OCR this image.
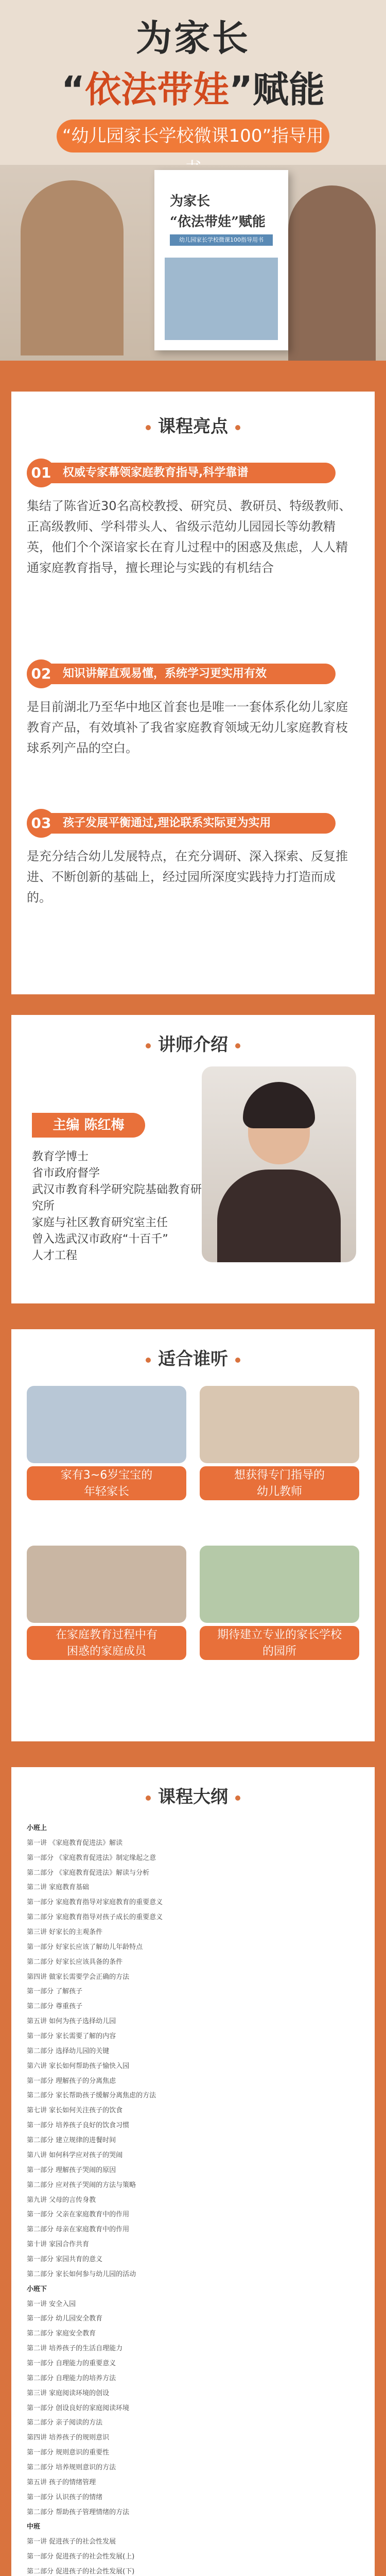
为家长
“依法带娃”赋能
“幼儿园家长学校微课100”指导用
为家长
“依法带娃”赋能
幼儿园家长学校微课100指导用书
课程亮点
权威专家幕领家庭教育指导,科学靠谱
01
集结了陈省近30名高校教授、研究员、教研员、特级教师、正高级教师、学科带头人、省级示范幼儿园园长等幼教精英，他们个个深谙家长在育儿过程中的困惑及焦虑，人人精通家庭教育指导，擅长理论与实践的有机结合
知识讲解直观易懂，系统学习更实用有效
02
是目前湖北乃至华中地区首套也是唯一一套体系化幼儿家庭教育产品，有效填补了我省家庭教育领域无幼儿家庭教育枝球系列产品的空白。
孩子发展平衡通过,理论联系实际更为实用
03
是充分结合幼儿发展特点，在充分调研、深入探索、反复推进、不断创新的基础上，经过园所深度实践持力打造而成的。
讲师介绍
主编 陈红梅
教育学博士
省市政府督学
武汉市教育科学研究院基础教育研究所
家庭与社区教育研究室主任
曾入选武汉市政府“十百千”
人才工程
适合谁听
家有3~6岁宝宝的
年轻家长
想获得专门指导的
幼儿教师
在家庭教育过程中有
困惑的家庭成员
期待建立专业的家长学校
的园所
课程大纲
小班上
第一讲 《家庭教育促进法》解读
第一部分 《家庭教育促进法》制定缘起之意
第二部分 《家庭教育促进法》解读与分析
第二讲 家庭教育基础
第一部分 家庭教育指导对家庭教育的重要意义
第二部分 家庭教育指导对孩子成长的重要意义
第三讲 好家长的主观条件
第一部分 好家长应该了解幼儿年龄特点
第二部分 好家长应该具备的条件
第四讲 做家长需要学会正确的方法
第一部分 了解孩子
第二部分 尊重孩子
第五讲 如何为孩子选择幼儿园
第一部分 家长需要了解的内容
第二部分 选择幼儿园的关键
第六讲 家长如何帮助孩子愉快入园
第一部分 理解孩子的分离焦虑
第二部分 家长帮助孩子缓解分离焦虑的方法
第七讲 家长如何关注孩子的饮食
第一部分 培养孩子良好的饮食习惯
第二部分 建立规律的进餐时间
第八讲 如何科学应对孩子的哭闹
第一部分 理解孩子哭闹的原因
第二部分 应对孩子哭闹的方法与策略
第九讲 父母的言传身教
第一部分 父亲在家庭教育中的作用
第二部分 母亲在家庭教育中的作用
第十讲 家园合作共育
第一部分 家园共育的意义
第二部分 家长如何参与幼儿园的活动
小班下
第一讲 安全入园
第一部分 幼儿园安全教育
第二部分 家庭安全教育
第二讲 培养孩子的生活自理能力
第一部分 自理能力的重要意义
第二部分 自理能力的培养方法
第三讲 家庭阅读环境的创设
第一部分 创设良好的家庭阅读环境
第二部分 亲子阅读的方法
第四讲 培养孩子的规则意识
第一部分 规则意识的重要性
第二部分 培养规则意识的方法
第五讲 孩子的情绪管理
第一部分 认识孩子的情绪
第二部分 帮助孩子管理情绪的方法
中班
第一讲 促进孩子的社会性发展
第一部分 促进孩子的社会性发展(上)
第二部分 促进孩子的社会性发展(下)
